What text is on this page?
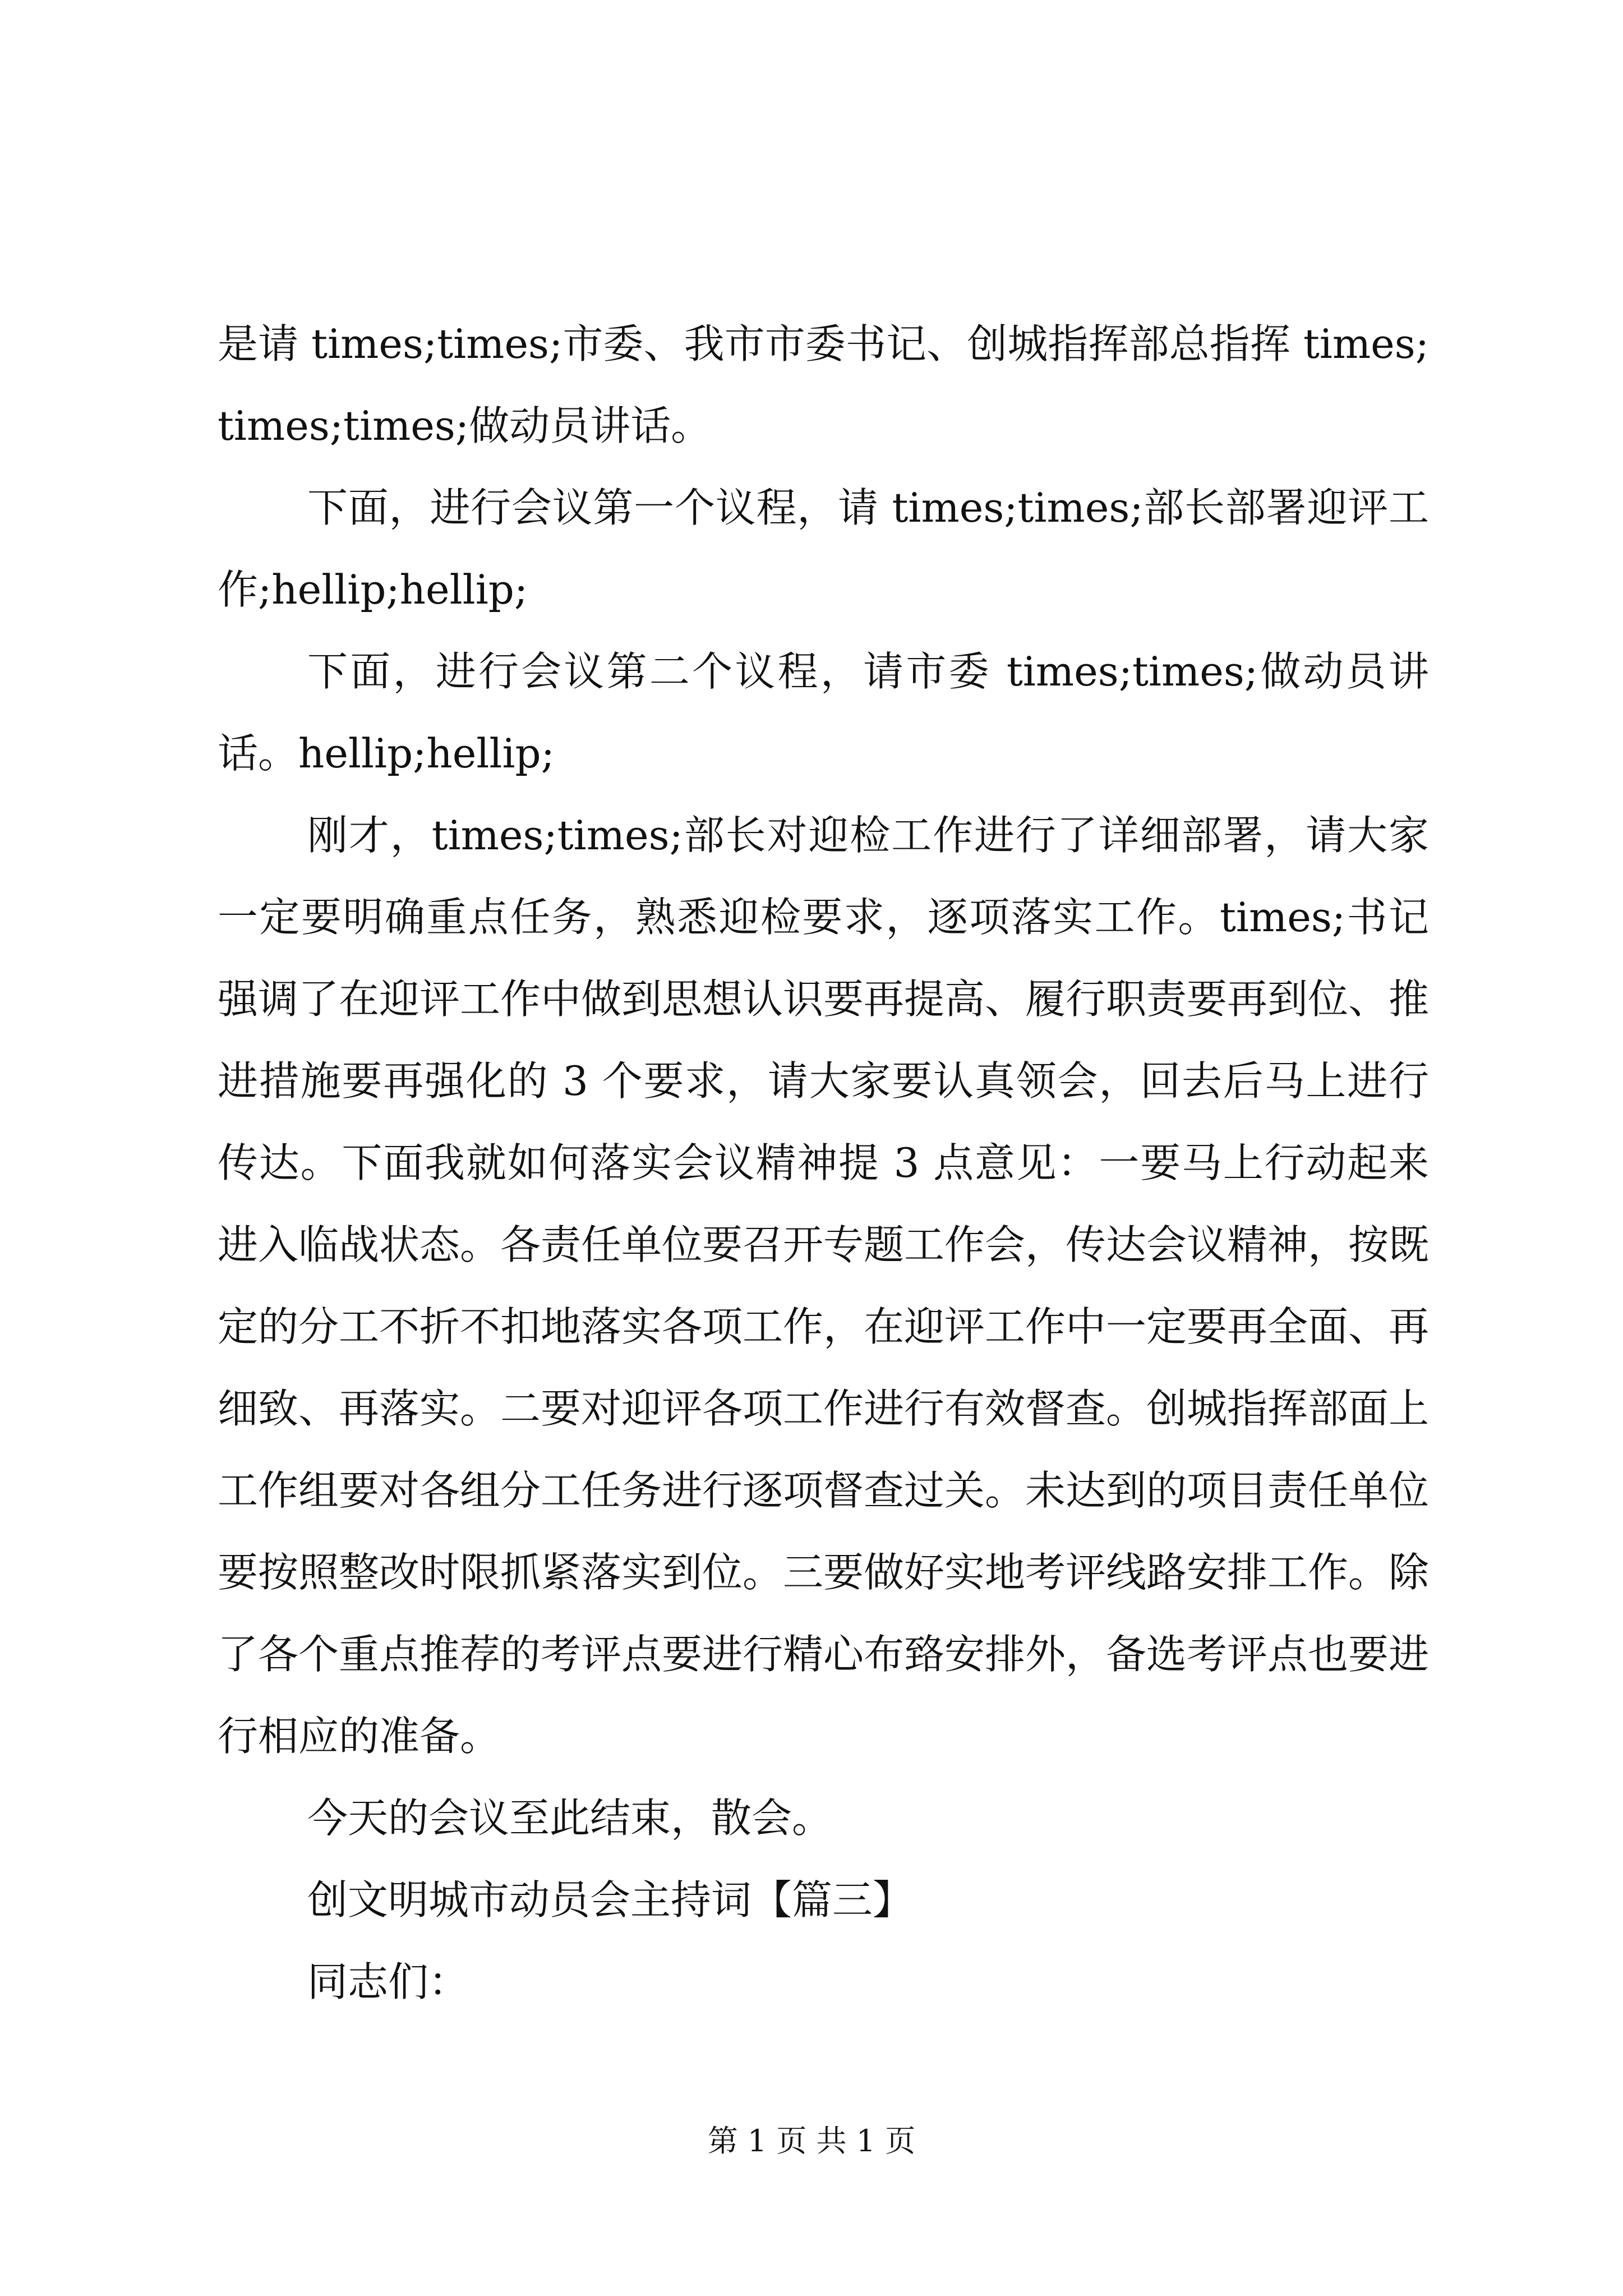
是请 times;times;市委、我市市委书记、创城指挥部总指挥 times;times;times;做动员讲话。

下面，进行会议第一个议程，请 times;times;部长部署迎评工作;hellip;hellip;

下面，进行会议第二个议程，请市委 times;times;做动员讲话。hellip;hellip;

刚才，times;times;部长对迎检工作进行了详细部署，请大家一定要明确重点任务，熟悉迎检要求，逐项落实工作。times;书记强调了在迎评工作中做到思想认识要再提高、履行职责要再到位、推进措施要再强化的 3 个要求，请大家要认真领会，回去后马上进行传达。下面我就如何落实会议精神提 3 点意见：一要马上行动起来进入临战状态。各责任单位要召开专题工作会，传达会议精神，按既定的分工不折不扣地落实各项工作，在迎评工作中一定要再全面、再细致、再落实。二要对迎评各项工作进行有效督查。创城指挥部面上工作组要对各组分工任务进行逐项督查过关。未达到的项目责任单位要按照整改时限抓紧落实到位。三要做好实地考评线路安排工作。除了各个重点推荐的考评点要进行精心布臵安排外，备选考评点也要进行相应的准备。

今天的会议至此结束，散会。

创文明城市动员会主持词【篇三】

同志们：

第 1 页 共 1 页
